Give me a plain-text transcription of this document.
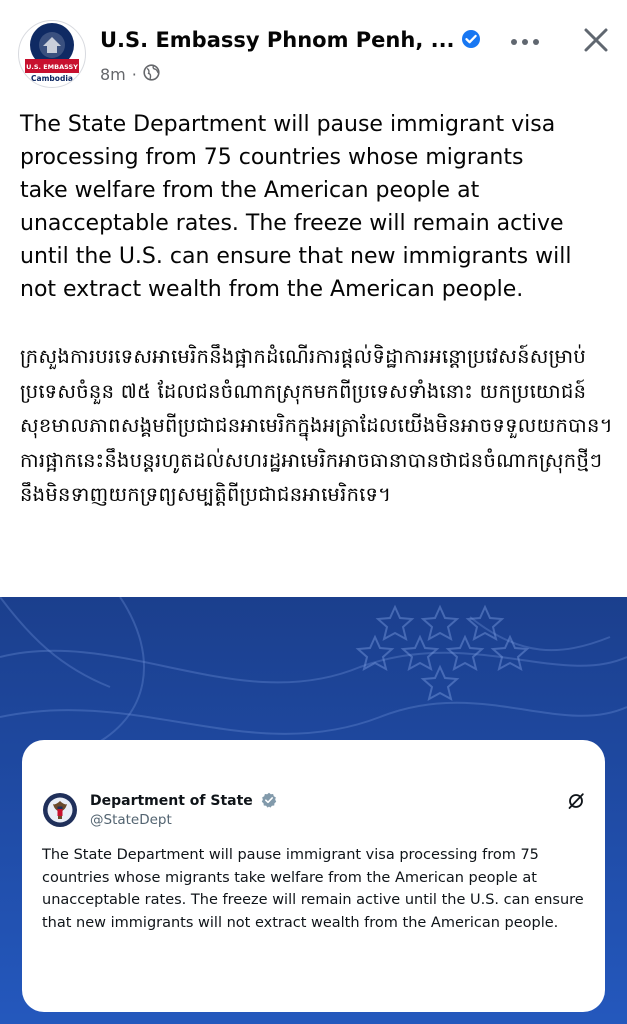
U.S. EMBASSY
Cambodia
U.S. Embassy Phnom Penh, ...
8m ·
The State Department will pause immigrant visa
processing from 75 countries whose migrants
take welfare from the American people at
unacceptable rates. The freeze will remain active
until the U.S. can ensure that new immigrants will
not extract wealth from the American people.
ក្រសួងការបរទេសអាមេរិកនឹងផ្អាកដំណើរការផ្តល់ទិដ្ឋាការអន្តោប្រវេសន៍សម្រាប់ប្រទេសចំនួន ៧៥ ដែលជនចំណាកស្រុកមកពីប្រទេសទាំងនោះ យកប្រយោជន៍សុខមាលភាពសង្គមពីប្រជាជនអាមេរិកក្នុងអត្រាដែលយើងមិនអាចទទួលយកបាន។ ការផ្អាកនេះនឹងបន្តរហូតដល់សហរដ្ឋអាមេរិកអាចធានាបានថាជនចំណាកស្រុកថ្មីៗនឹងមិនទាញយកទ្រព្យសម្បត្តិពីប្រជាជនអាមេរិកទេ។
Department of State
@StateDept
The State Department will pause immigrant visa processing from 75 countries whose migrants take welfare from the American people at unacceptable rates. The freeze will remain active until the U.S. can ensure that new immigrants will not extract wealth from the American people.
